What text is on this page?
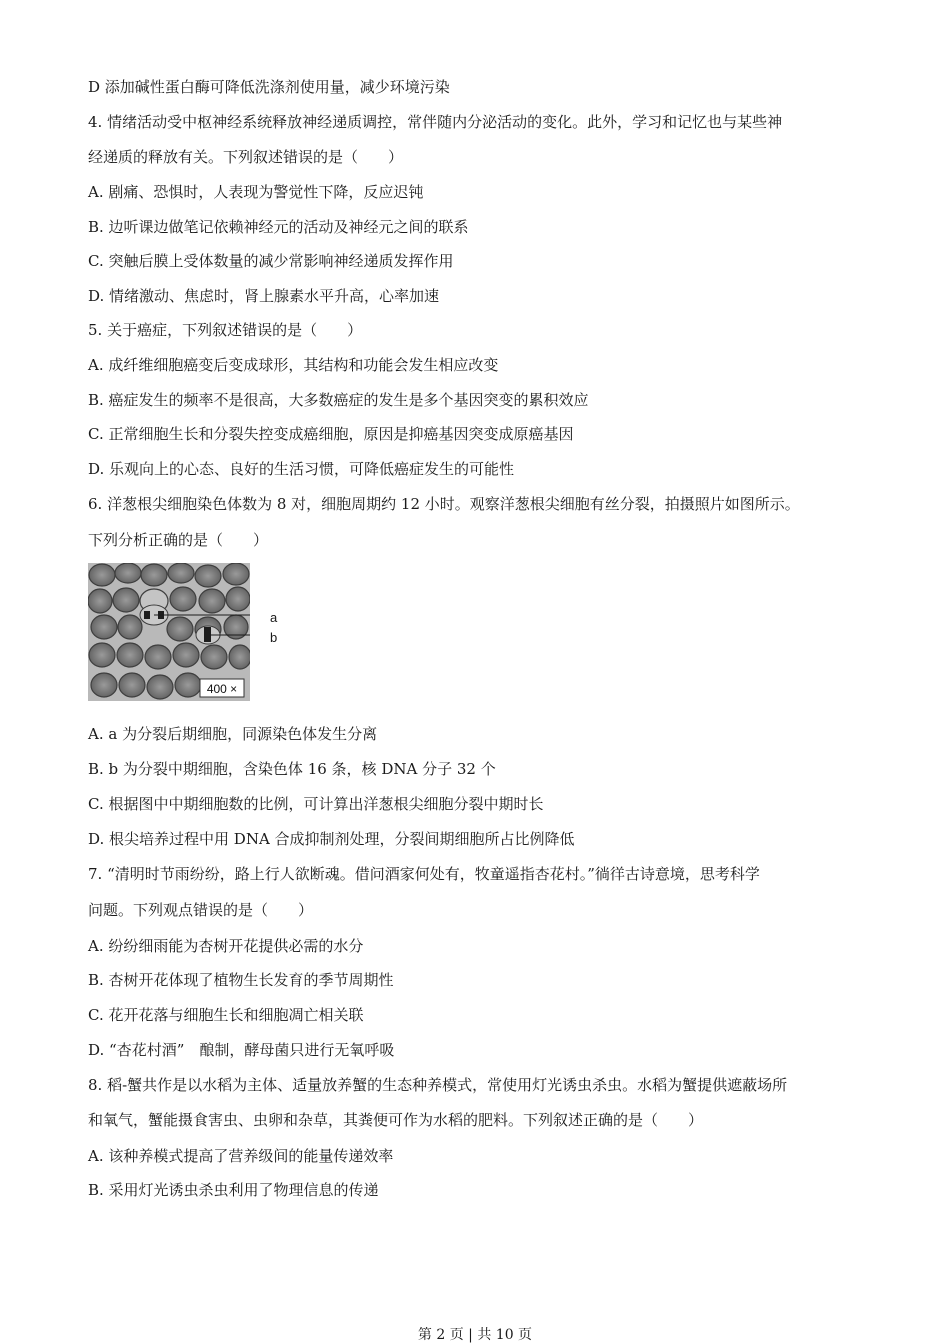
D 添加碱性蛋白酶可降低洗涤剂使用量，减少环境污染
4. 情绪活动受中枢神经系统释放神经递质调控，常伴随内分泌活动的变化。此外，学习和记忆也与某些神
经递质的释放有关。下列叙述错误的是（　　）
A. 剧痛、恐惧时，人表现为警觉性下降，反应迟钝
B. 边听课边做笔记依赖神经元的活动及神经元之间的联系
C. 突触后膜上受体数量的减少常影响神经递质发挥作用
D. 情绪激动、焦虑时，肾上腺素水平升高，心率加速
5. 关于癌症，下列叙述错误的是（　　）
A. 成纤维细胞癌变后变成球形，其结构和功能会发生相应改变
B. 癌症发生的频率不是很高，大多数癌症的发生是多个基因突变的累积效应
C. 正常细胞生长和分裂失控变成癌细胞，原因是抑癌基因突变成原癌基因
D. 乐观向上的心态、良好的生活习惯，可降低癌症发生的可能性
6. 洋葱根尖细胞染色体数为 8 对，细胞周期约 12 小时。观察洋葱根尖细胞有丝分裂，拍摄照片如图所示。
下列分析正确的是（　　）
400 ×
a
b
A. a 为分裂后期细胞，同源染色体发生分离
B. b 为分裂中期细胞，含染色体 16 条，核 DNA 分子 32 个
C. 根据图中中期细胞数的比例，可计算出洋葱根尖细胞分裂中期时长
D. 根尖培养过程中用 DNA 合成抑制剂处理，分裂间期细胞所占比例降低
7. “清明时节雨纷纷，路上行人欲断魂。借问酒家何处有，牧童遥指杏花村。”徜徉古诗意境，思考科学
问题。下列观点错误的是（　　）
A. 纷纷细雨能为杏树开花提供必需的水分
B. 杏树开花体现了植物生长发育的季节周期性
C. 花开花落与细胞生长和细胞凋亡相关联
D. “杏花村酒”　酿制，酵母菌只进行无氧呼吸
8. 稻-蟹共作是以水稻为主体、适量放养蟹的生态种养模式，常使用灯光诱虫杀虫。水稻为蟹提供遮蔽场所
和氧气，蟹能摄食害虫、虫卵和杂草，其粪便可作为水稻的肥料。下列叙述正确的是（　　）
A. 该种养模式提高了营养级间的能量传递效率
B. 采用灯光诱虫杀虫利用了物理信息的传递
第 2 页 | 共 10 页
